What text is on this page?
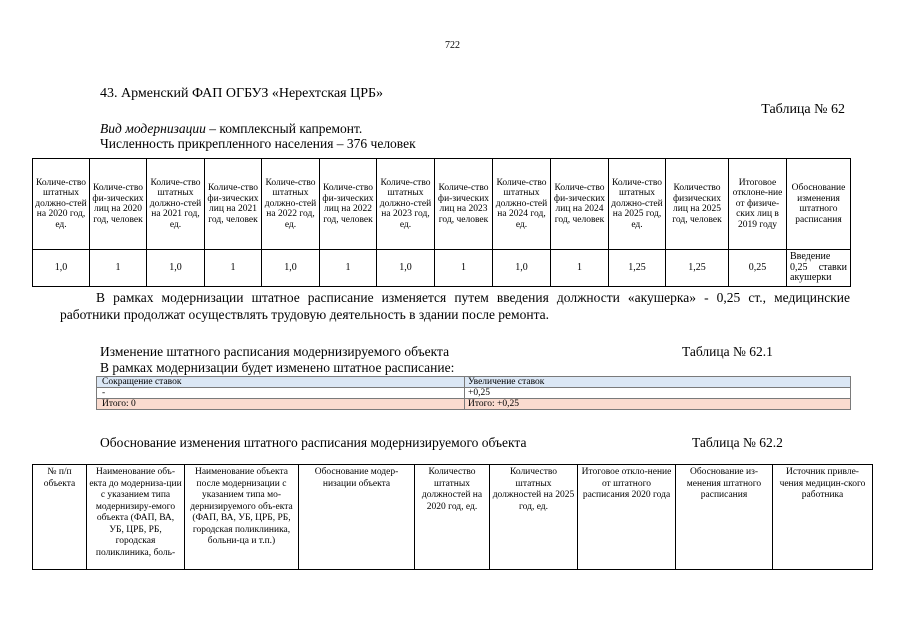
722
43. Арменский ФАП ОГБУЗ «Нерехтская ЦРБ»
Таблица № 62
Вид модернизации – комплексный капремонт.
Численность прикрепленного населения – 376 человек
Количе-ство штатных должно-стей на 2020 год, ед.	Количе-ство фи-зических лиц на 2020 год, человек	Количе-ство штатных должно-стей на 2021 год, ед.	Количе-ство фи-зических лиц на 2021 год, человек	Количе-ство штатных должно-стей на 2022 год, ед.	Количе-ство фи-зических лиц на 2022 год, человек	Количе-ство штатных должно-стей на 2023 год, ед.	Количе-ство фи-зических лиц на 2023 год, человек	Количе-ство штатных должно-стей на 2024 год, ед.	Количе-ство фи-зических лиц на 2024 год, человек	Количе-ство штатных должно-стей на 2025 год, ед.	Количество физических лиц на 2025 год, человек	Итоговое отклоне-ние от физиче-ских лиц в 2019 году	Обоснование изменения штатного расписания
1,0	1	1,0	1	1,0	1	1,0	1	1,0	1	1,25	1,25	0,25	Введение 0,25 ставки акушерки
В рамках модернизации штатное расписание изменяется путем введения должности «акушерка» - 0,25 ст., медицинские работники продолжат осуществлять трудовую деятельность в здании после ремонта.
Изменение штатного расписания модернизируемого объекта	Таблица № 62.1
В рамках модернизации будет изменено штатное расписание:
Сокращение ставок	Увеличение ставок
-	+0,25
Итого: 0	Итого: +0,25
Обоснование изменения штатного расписания модернизируемого объекта	Таблица № 62.2
№ п/п объекта	Наименование объ-екта до модерниза-ции с указанием типа модернизиру-емого объекта (ФАП, ВА, УБ, ЦРБ, РБ, городская поликлиника, боль-	Наименование объекта после модернизации с указанием типа мо-дернизируемого объ-екта (ФАП, ВА, УБ, ЦРБ, РБ, городская поликлиника, больни-ца и т.п.)	Обоснование модер-низации объекта	Количество штатных должностей на 2020 год, ед.	Количество штатных должностей на 2025 год, ед.	Итоговое откло-нение от штатного расписания 2020 года	Обоснование из-менения штатного расписания	Источник привле-чения медицин-ского работника
